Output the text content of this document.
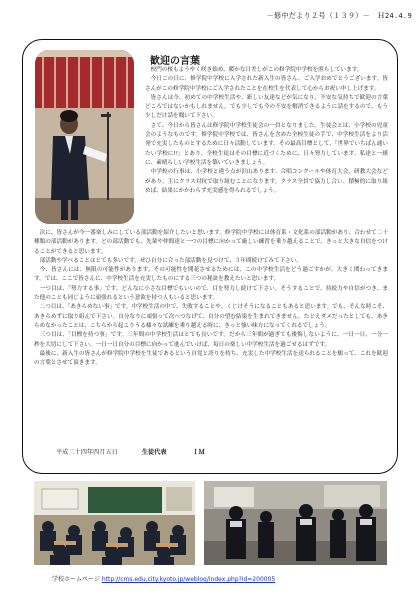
－修中だより２号（１３９）－　Ｈ24.4.9
歓迎の言葉

校門の桜もようやく咲き始め、暖かな日差しがこの修学院中学校を照らしています。

今日この日に、修学院中学校に入学された新入生の皆さん、ご入学おめでとうございます。皆さんがこの修学院中学校にご入学されたことを在校生を代表して心からお祝い申し上げます。

皆さんは今、初めての中学校生活や、新しい友達などが気になり、不安な気持ちで歓迎の言葉どころではないかもしれません。でも少しでも今の不安を解消できるように話をするので、もう少しだけ話を聞いて下さい。

さて、今日から皆さんは修学院中学校生徒会の一員となりました。生徒会とは、小学校の児童会のようなものです。修学院中学校では、皆さんを含めた全校生徒の手で、中学校生活をより活発で充実したものとするために日々活動しています。その最高目標として、「世界でいちばん通いたい学校に!!」とあり、全校生徒はその目標に近づくために、日々努力しています。私達と一緒に、素晴らしい学校生活を築いていきましょう。

中学校の行事は、小学校と違う点が沢山あります。合唱コンクールや体育大会、研教大会などがあり、主にクラス対抗で取り組むことになります。クラス全員で協力し合い、積極的に取り組めば、結果にかかわらず充実感を得られるでしょう。

次に、皆さんが今一番楽しみにしている部活動を紹介したいと思います。修学院中学校には体育系・文化系の部活動があり、合わせて二十種類の部活動があります。どの部活動でも、先輩や仲間達と一つの目標に向かって厳しい練習を乗り越えることで、きっと大きな自信をつけることができると思います。

部活動や学べることはとても多いです。ぜひ自分に合った部活動を見つけて、３年間続けてみて下さい。

今、皆さんには、無限の可能性があります。その可能性を開花させるためには、この中学校生活をどう過ごすかが、大きく関わってきます。では、ここで皆さんに、中学校生活を充実したものにする三つの秘訣を教えたいと思います。

一つ目は、「努力する事」です。どんなに小さな目標でもいいので、目を努力し続けて下さい。そうすることで、持続力や自信がつき、また他のことも同じように頑張れるという意欲を持つ人もいると思います。

二つ目は、「あきらめない事」です。中学校生活の中で、失敗することや、くじけそうになることもあると思います。でも、そんな時こそ、あきらめずに取り組んで下さい。自分なりに頑張って次へつなげて、自分の望む結果を生まれてきません。たとえダメだったとしても、あきらめなかったことは、こちらから起こりうる様々な試練を乗り越える時に、きっと強い味方になってくれるでしょう。

三つ目は、「目標を持つ事」です。三年間の中学校生活はとても長いです。だから三年間が過ぎても後悔しないように、一日一日、一分一秒を大切にして下さい。一日一日自分の目標に向かって進んでいけば、毎日の楽しい中学校生活を過ごせるはずです。

最後に、新入生の皆さんが修学院中学校を生徒であるという自覚と誇りを持ち、充実した中学校生活を送られることを願って、これを歓迎の言葉とさせて頂きます。

平成二十四年四月五日	生徒代表	ＩＭ
学校ホームページ http://cms.edu.city.kyoto.jp/weblog/index.php?id=200005
